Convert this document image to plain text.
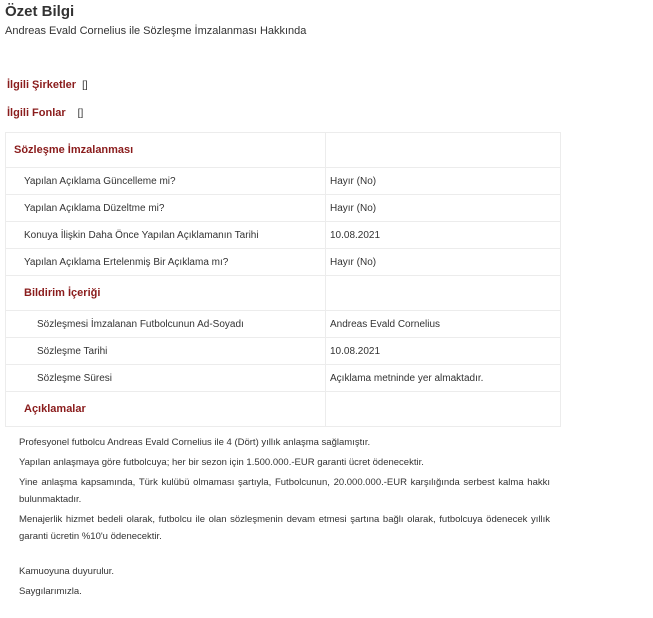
Özet Bilgi
Andreas Evald Cornelius ile Sözleşme İmzalanması Hakkında
İlgili Şirketler []
İlgili Fonlar []
Sözleşme İmzalanması	
Yapılan Açıklama Güncelleme mi?	Hayır (No)
Yapılan Açıklama Düzeltme mi?	Hayır (No)
Konuya İlişkin Daha Önce Yapılan Açıklamanın Tarihi	10.08.2021
Yapılan Açıklama Ertelenmiş Bir Açıklama mı?	Hayır (No)
Bildirim İçeriği	
Sözleşmesi İmzalanan Futbolcunun Ad-Soyadı	Andreas Evald Cornelius
Sözleşme Tarihi	10.08.2021
Sözleşme Süresi	Açıklama metninde yer almaktadır.
Açıklamalar	

Profesyonel futbolcu Andreas Evald Cornelius ile 4 (Dört) yıllık anlaşma sağlamıştır.

Yapılan anlaşmaya göre futbolcuya; her bir sezon için 1.500.000.-EUR garanti ücret ödenecektir.

Yine anlaşma kapsamında, Türk kulübü olmaması şartıyla, Futbolcunun, 20.000.000.-EUR karşılığında serbest kalma hakkı bulunmaktadır.

Menajerlik hizmet bedeli olarak, futbolcu ile olan sözleşmenin devam etmesi şartına bağlı olarak, futbolcuya ödenecek yıllık garanti ücretin %10'u ödenecektir.

Kamuoyuna duyurulur.

Saygılarımızla.
